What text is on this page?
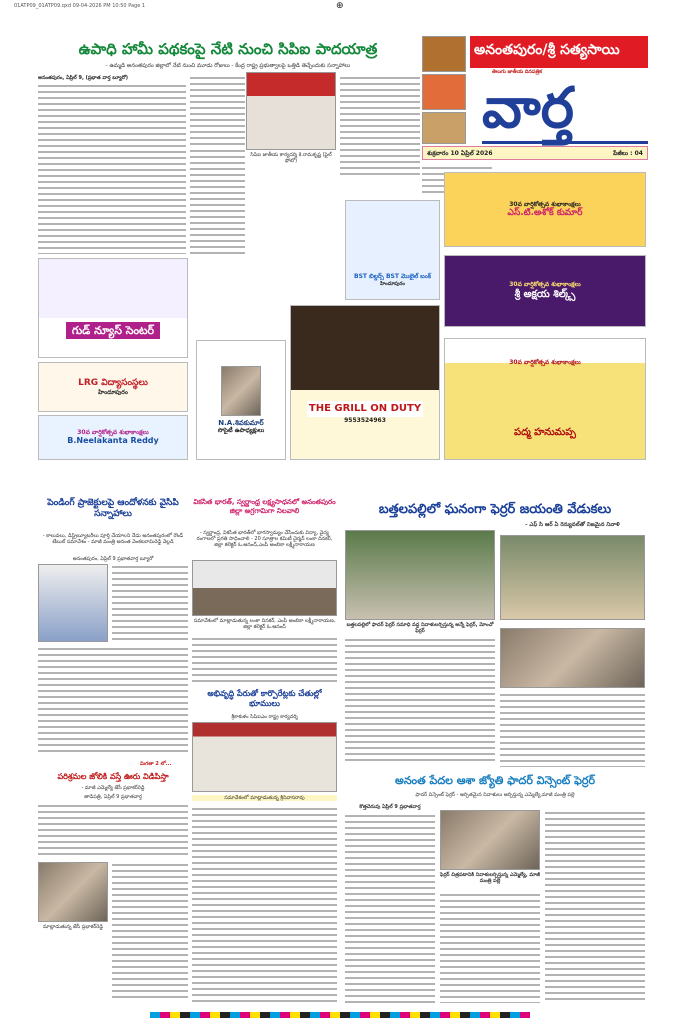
01ATP09_01ATP09.qxd 09-04-2026 PM 10:50 Page 1	⊕
ఉపాధి హామీ పథకంపై నేటి నుంచి సిపిఐ పాదయాత్ర
- ఉమ్మడి అనంతపురం జిల్లాలో నేటి నుంచి మూడు రోజులు - కేంద్ర రాష్ట్ర ప్రభుత్వాలపై ఒత్తిడి తెచ్చేందుకు సన్నాహాలు
అనంతపురం, ఏప్రిల్ 9, (ప్రభాత వార్త బ్యూరో)
సిపిఐ జాతీయ కార్యదర్శి కె.రామకృష్ణ (ఫైల్ ఫోటో)
అనంతపురం/శ్రీ సత్యసాయి
తెలుగు జాతీయ దినపత్రిక
వార్త
శుక్రవారం 10 ఏప్రిల్ 2026	పేజీలు : 04
గుడ్ న్యూస్ సెంటర్
LRG విద్యాసంస్థలు
హిందూపురం
30వ వార్షికోత్సవ శుభాకాంక్షలు
B.Neelakanta Reddy
N.A.శివకుమార్
సొసైటీ ఉపాధ్యక్షులు
THE GRILL ON DUTY
9553524963
BST బిల్డర్స్ BST మొబైల్ బంక్
హిందూపురం
30వ వార్షికోత్సవ శుభాకాంక్షలు
ఎస్.టి.అశోక్ కుమార్
30వ వార్షికోత్సవ శుభాకాంక్షలు
శ్రీ అక్షయ శిల్క్స్
30వ వార్షికోత్సవ శుభాకాంక్షలు
పద్మ హనుమప్ప
పెండింగ్ ప్రాజెక్టులపై ఆందోళనకు వైసిపి సన్నాహాలు
- కాలువలు, డిస్ట్రిబ్యూటరీలు పూర్తి చేయాలని నేడు అనంతపురంలో రౌండ్ టేబుల్ సమావేశం - మాజీ మంత్రి అనంత వెంకటరామిరెడ్డి వెల్లడి
అనంతపురం, ఏప్రిల్ 9 ప్రభాతవార్త బ్యూరో
మిగతా 2 లో...
వికసిత భారత్, స్వర్ణాంధ్ర లక్ష్యసాధనలో అనంతపురం జిల్లా అగ్రగామిగా నిలవాలి
- స్వర్ణాంధ్ర, వికసిత భారత్‌లో భాగస్వామ్యం చేసేందుకు విద్యా, వైద్య రంగాలలో ప్రగతి సాధించాలి - 20 సూత్రాల కమిటీ చైర్మన్ లంకా దినకర్, జిల్లా కలెక్టర్ ఓ.ఆనంద్,ఎంపీ అంబికా లక్ష్మీనారాయణ
సమావేశంలో మాట్లాడుతున్న లంకా దినకర్, ఎంపీ అంబికా లక్ష్మీనారాయణ, జిల్లా కలెక్టర్ ఓ.ఆనంద్
అభివృద్ధి పేరుతో కార్పొరేట్లకు చేతుల్లో భూములు
శ్రీకాకుళం సిపిఐఎం రాష్ట్ర కార్యదర్శి
సమావేశంలో మాట్లాడుతున్న శ్రీనివాసరావు
పరిశ్రమల జోలికి వస్తే ఊరు విడిపిస్తా
- మాజీ ఎమ్మెల్యే జేసీ ప్రభాకర్‌రెడ్డి
తాడిపత్రి, ఏప్రిల్ 9 ప్రభాతవార్త
మాట్లాడుతున్న జేసీ ప్రభాకర్‌రెడ్డి
బత్తలపల్లిలో ఘనంగా ఫెర్రర్ జయంతి వేడుకలు
- ఎఫ్ సి ఆర్ ఏ రెన్యువల్‌తో నిజమైన నివాళి
బత్తలపల్లిలో ఫాదర్ ఫెర్రర్ సమాధి వద్ద నివాళులర్పిస్తున్న అన్నే ఫెర్రర్, మోంచో ఫెర్రర్
అనంత పేదల ఆశా జ్యోతి ఫాదర్ విన్సెంట్ ఫెర్రర్
ఫాదర్ విన్సెంట్ ఫెర్రర్ - అర్పితమైన నివాళులు అర్పిస్తున్న ఎమ్మెల్యే,మాజీ మంత్రి పల్లె
కొత్తచెరువు ఏప్రిల్ 9 ప్రభాతవార్త
ఫెర్రర్ చిత్రపటానికి నివాళులర్పిస్తున్న ఎమ్మెల్యే, మాజీ మంత్రి పల్లె
